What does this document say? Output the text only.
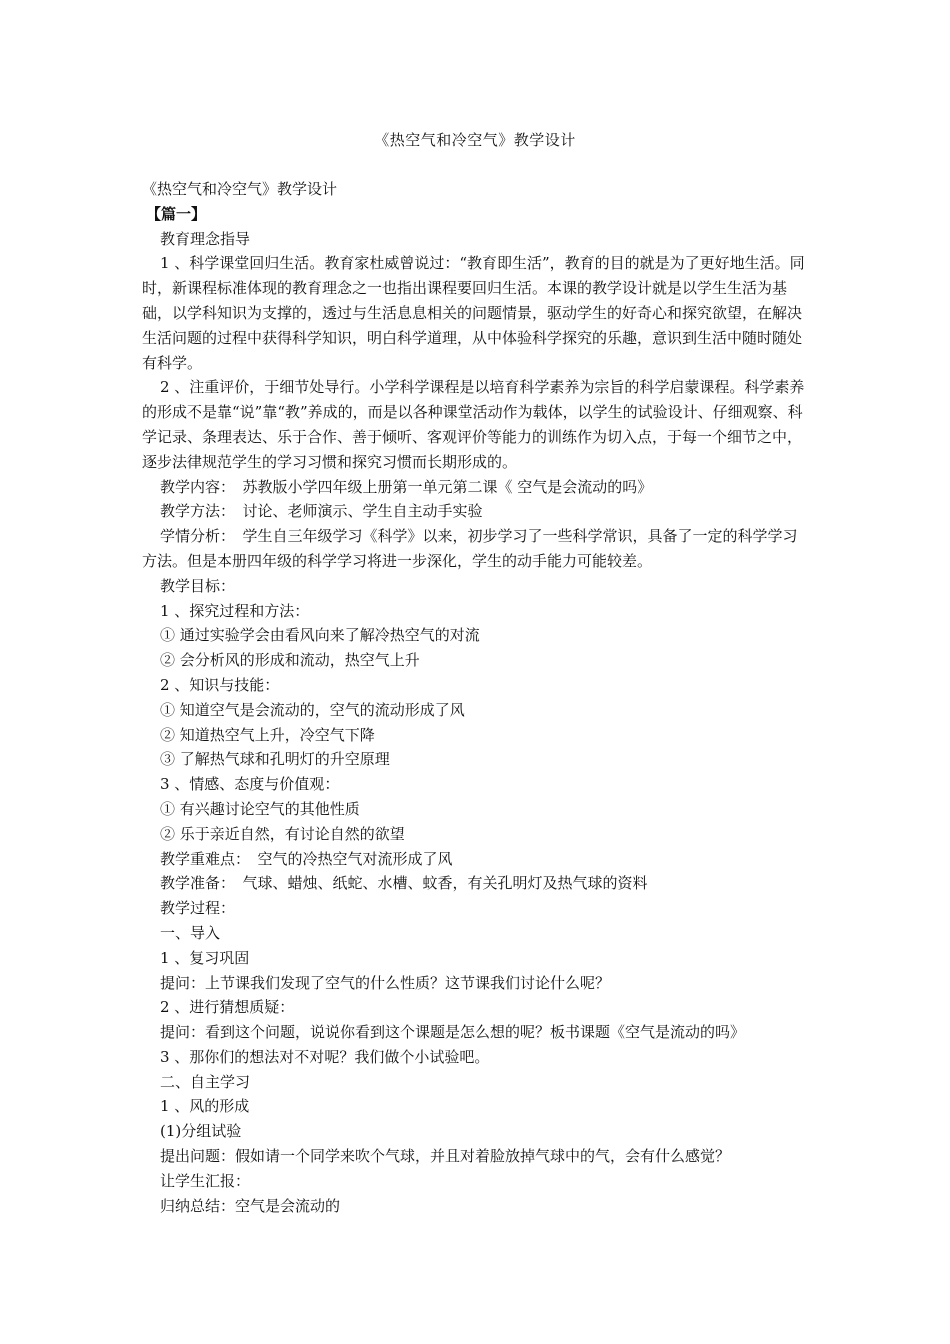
《热空气和冷空气》教学设计

《热空气和冷空气》教学设计

【篇一】

教育理念指导

1 、科学课堂回归生活。教育家杜威曾说过：“教育即生活”，教育的目的就是为了更好地生活。同时，新课程标准体现的教育理念之一也指出课程要回归生活。本课的教学设计就是以学生生活为基础，以学科知识为支撑的，透过与生活息息相关的问题情景，驱动学生的好奇心和探究欲望，在解决生活问题的过程中获得科学知识，明白科学道理，从中体验科学探究的乐趣，意识到生活中随时随处有科学。

2 、注重评价，于细节处导行。小学科学课程是以培育科学素养为宗旨的科学启蒙课程。科学素养的形成不是靠“说”靠“教”养成的，而是以各种课堂活动作为载体，以学生的试验设计、仔细观察、科学记录、条理表达、乐于合作、善于倾听、客观评价等能力的训练作为切入点，于每一个细节之中，逐步法律规范学生的学习习惯和探究习惯而长期形成的。

教学内容：　苏教版小学四年级上册第一单元第二课《 空气是会流动的吗》

教学方法：　讨论、老师演示、学生自主动手实验

学情分析：　学生自三年级学习《科学》以来，初步学习了一些科学常识，具备了一定的科学学习方法。但是本册四年级的科学学习将进一步深化，学生的动手能力可能较差。

教学目标：

1 、探究过程和方法：

① 通过实验学会由看风向来了解冷热空气的对流

② 会分析风的形成和流动，热空气上升

2 、知识与技能：

① 知道空气是会流动的，空气的流动形成了风

② 知道热空气上升，冷空气下降

③ 了解热气球和孔明灯的升空原理

3 、情感、态度与价值观：

① 有兴趣讨论空气的其他性质

② 乐于亲近自然，有讨论自然的欲望

教学重难点：　空气的冷热空气对流形成了风

教学准备：　气球、蜡烛、纸蛇、水槽、蚊香，有关孔明灯及热气球的资料

教学过程：

一、导入

1 、复习巩固

提问：上节课我们发现了空气的什么性质？这节课我们讨论什么呢？

2 、进行猜想质疑：

提问：看到这个问题，说说你看到这个课题是怎么想的呢？板书课题《空气是流动的吗》

3 、那你们的想法对不对呢？我们做个小试验吧。

二、自主学习

1 、风的形成

(1)分组试验

提出问题：假如请一个同学来吹个气球，并且对着脸放掉气球中的气，会有什么感觉？

让学生汇报：

归纳总结：空气是会流动的
